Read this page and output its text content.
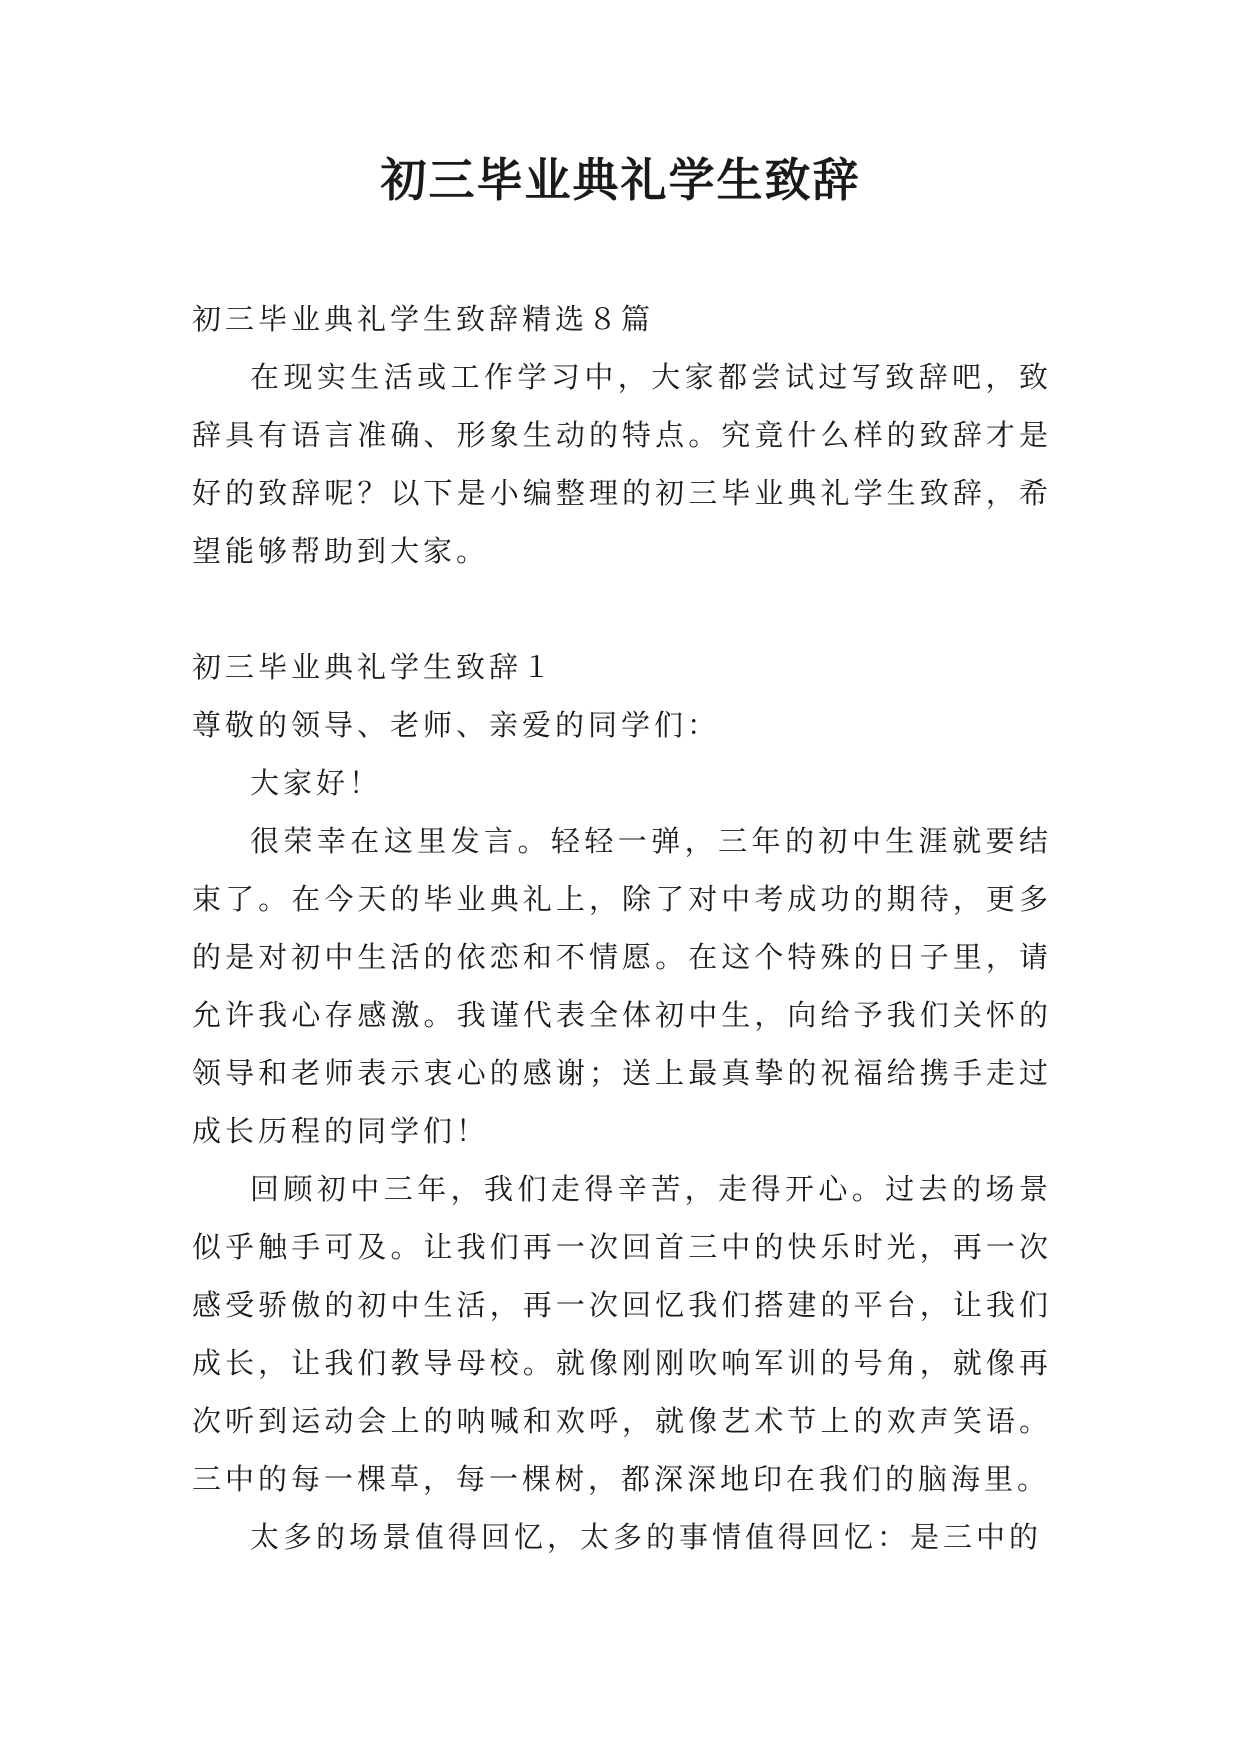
初三毕业典礼学生致辞

初三毕业典礼学生致辞精选８篇

在现实生活或工作学习中，大家都尝试过写致辞吧，致辞具有语言准确、形象生动的特点。究竟什么样的致辞才是好的致辞呢？以下是小编整理的初三毕业典礼学生致辞，希望能够帮助到大家。

初三毕业典礼学生致辞１

尊敬的领导、老师、亲爱的同学们：

大家好！

很荣幸在这里发言。轻轻一弹，三年的初中生涯就要结束了。在今天的毕业典礼上，除了对中考成功的期待，更多的是对初中生活的依恋和不情愿。在这个特殊的日子里，请允许我心存感激。我谨代表全体初中生，向给予我们关怀的领导和老师表示衷心的感谢；送上最真挚的祝福给携手走过成长历程的同学们！

回顾初中三年，我们走得辛苦，走得开心。过去的场景似乎触手可及。让我们再一次回首三中的快乐时光，再一次感受骄傲的初中生活，再一次回忆我们搭建的平台，让我们成长，让我们教导母校。就像刚刚吹响军训的号角，就像再次听到运动会上的呐喊和欢呼，就像艺术节上的欢声笑语。三中的每一棵草，每一棵树，都深深地印在我们的脑海里。

太多的场景值得回忆，太多的事情值得回忆：是三中的
